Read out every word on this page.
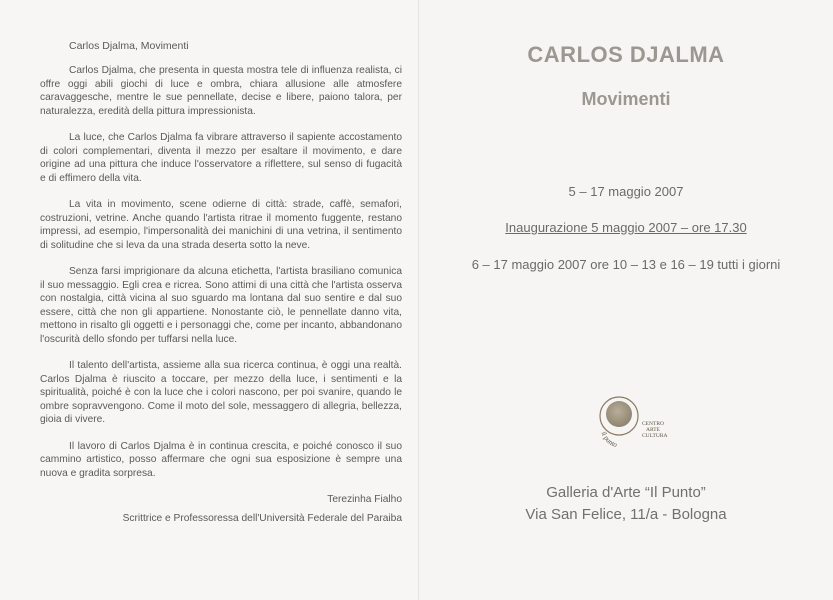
Carlos Djalma, Movimenti

Carlos Djalma, che presenta in questa mostra tele di influenza realista, ci offre oggi abili giochi di luce e ombra, chiara allusione alle atmosfere caravaggesche, mentre le sue pennellate, decise e libere, paiono talora, per naturalezza, eredità della pittura impressionista.

La luce, che Carlos Djalma fa vibrare attraverso il sapiente accostamento di colori complementari, diventa il mezzo per esaltare il movimento, e dare origine ad una pittura che induce l'osservatore a riflettere, sul senso di fugacità e di effimero della vita.

La vita in movimento, scene odierne di città: strade, caffè, semafori, costruzioni, vetrine. Anche quando l'artista ritrae il momento fuggente, restano impressi, ad esempio, l'impersonalità dei manichini di una vetrina, il sentimento di solitudine che si leva da una strada deserta sotto la neve.

Senza farsi imprigionare da alcuna etichetta, l'artista brasiliano comunica il suo messaggio. Egli crea e ricrea. Sono attimi di una città che l'artista osserva con nostalgia, città vicina al suo sguardo ma lontana dal suo sentire e dal suo essere, città che non gli appartiene. Nonostante ciò, le pennellate danno vita, mettono in risalto gli oggetti e i personaggi che, come per incanto, abbandonano l'oscurità dello sfondo per tuffarsi nella luce.

Il talento dell'artista, assieme alla sua ricerca continua, è oggi una realtà. Carlos Djalma è riuscito a toccare, per mezzo della luce, i sentimenti e la spiritualità, poiché è con la luce che i colori nascono, per poi svanire, quando le ombre sopravvengono. Come il moto del sole, messaggero di allegria, bellezza, gioia di vivere.

Il lavoro di Carlos Djalma è in continua crescita, e poiché conosco il suo cammino artistico, posso affermare che ogni sua esposizione è sempre una nuova e gradita sorpresa.

Terezinha Fialho
Scrittrice e Professoressa dell'Università Federale del Paraiba
CARLOS DJALMA
Movimenti
5 – 17 maggio 2007
Inaugurazione 5 maggio 2007 – ore 17.30
6 – 17 maggio 2007 ore 10 – 13 e 16 – 19 tutti i giorni
il punto
CENTRO
ARTE
CULTURA
Galleria d'Arte “Il Punto”
Via San Felice, 11/a - Bologna
